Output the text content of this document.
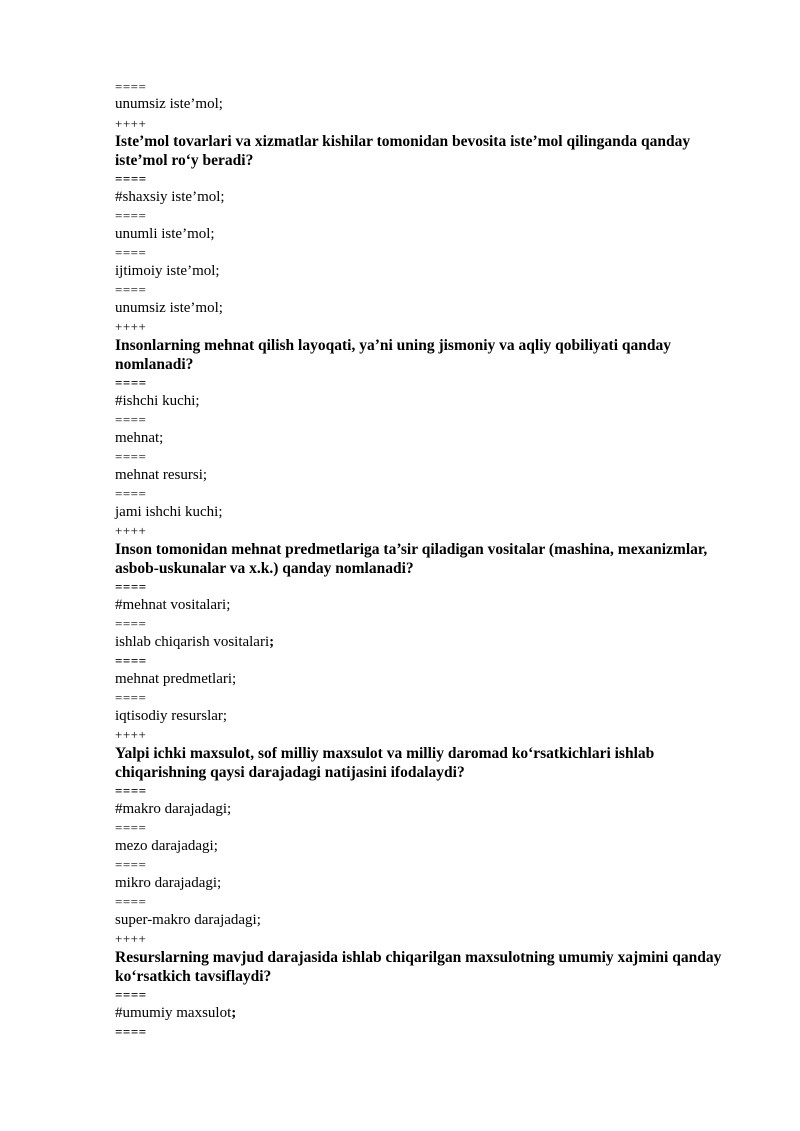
====
unumsiz iste’mol;
++++
Iste’mol tovarlari va xizmatlar kishilar tomonidan bevosita iste’mol qilinganda qanday iste’mol ro‘y beradi?
====
#shaxsiy iste’mol;
====
unumli iste’mol;
====
ijtimoiy iste’mol;
====
unumsiz iste’mol;
++++
Insonlarning mehnat qilish layoqati, ya’ni uning jismoniy va aqliy qobiliyati qanday nomlanadi?
====
#ishchi kuchi;
====
mehnat;
====
mehnat resursi;
====
jami ishchi kuchi;
++++
Inson tomonidan mehnat predmetlariga ta’sir qiladigan vositalar (mashina, mexanizmlar, asbob-uskunalar va x.k.) qanday nomlanadi?
====
#mehnat vositalari;
====
ishlab chiqarish vositalari;
====
mehnat predmetlari;
====
iqtisodiy resurslar;
++++
Yalpi ichki maxsulot, sof milliy maxsulot va milliy daromad ko‘rsatkichlari ishlab chiqarishning qaysi darajadagi natijasini ifodalaydi?
====
#makro darajadagi;
====
mezo darajadagi;
====
mikro darajadagi;
====
super-makro darajadagi;
++++
Resurslarning mavjud darajasida ishlab chiqarilgan maxsulotning umumiy xajmini qanday ko‘rsatkich tavsiflaydi?
====
#umumiy maxsulot;
====
